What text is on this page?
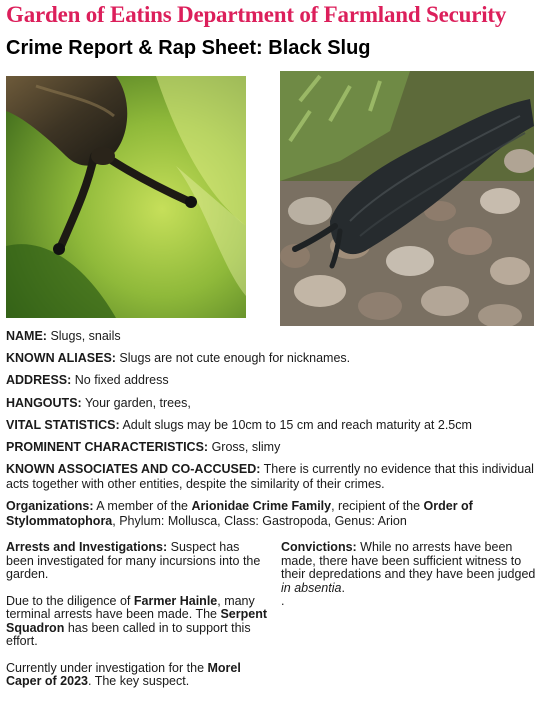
Garden of Eatins Department of Farmland Security
Crime Report & Rap Sheet: Black Slug
NAME: Slugs, snails
KNOWN ALIASES: Slugs are not cute enough for nicknames.
ADDRESS: No fixed address
HANGOUTS: Your garden, trees,
VITAL STATISTICS: Adult slugs may be 10cm to 15 cm and reach maturity at 2.5cm
PROMINENT CHARACTERISTICS: Gross, slimy
KNOWN ASSOCIATES AND CO-ACCUSED: There is currently no evidence that this individual acts together with other entities, despite the similarity of their crimes.
Organizations: A member of the Arionidae Crime Family, recipient of the Order of Stylommatophora, Phylum: Mollusca, Class: Gastropoda, Genus: Arion

Arrests and Investigations: Suspect has been investigated for many incursions into the garden.

Due to the diligence of Farmer Hainle, many terminal arrests have been made. The Serpent Squadron has been called in to support this effort.

Currently under investigation for the Morel Caper of 2023. The key suspect.

Convictions: While no arrests have been made, there have been sufficient witness to their depredations and they have been judged in absentia.

.
